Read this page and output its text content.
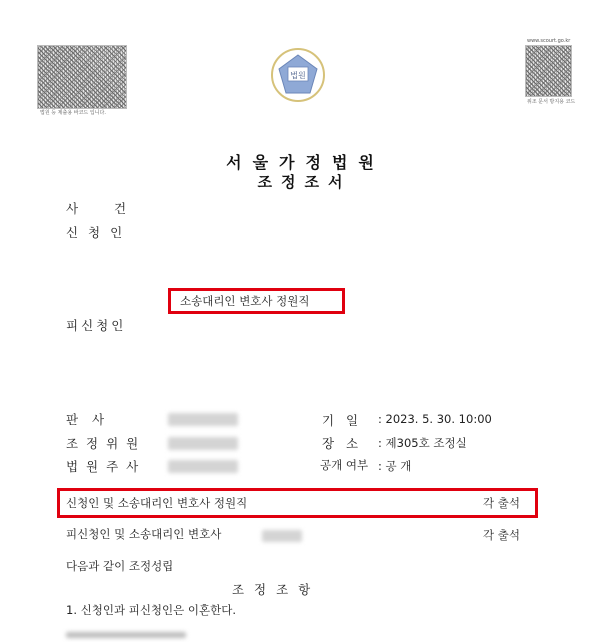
법원 등 제출용 바코드 입니다.
법원
www.scourt.go.kr
위조 문서 방지용 코드
서울가정법원
조정조서
사 건
신 청 인
소송대리인 변호사 정원직
피신청인
판 사
조 정 위 원
법 원 주 사
기 일 : 2023. 5. 30. 10:00
장 소 : 제305호 조정실
공개 여부 : 공 개
신청인 및 소송대리인 변호사 정원직	각 출석
피신청인 및 소송대리인 변호사	각 출석
다음과 같이 조정성립
조 정 조 항
1. 신청인과 피신청인은 이혼한다.
